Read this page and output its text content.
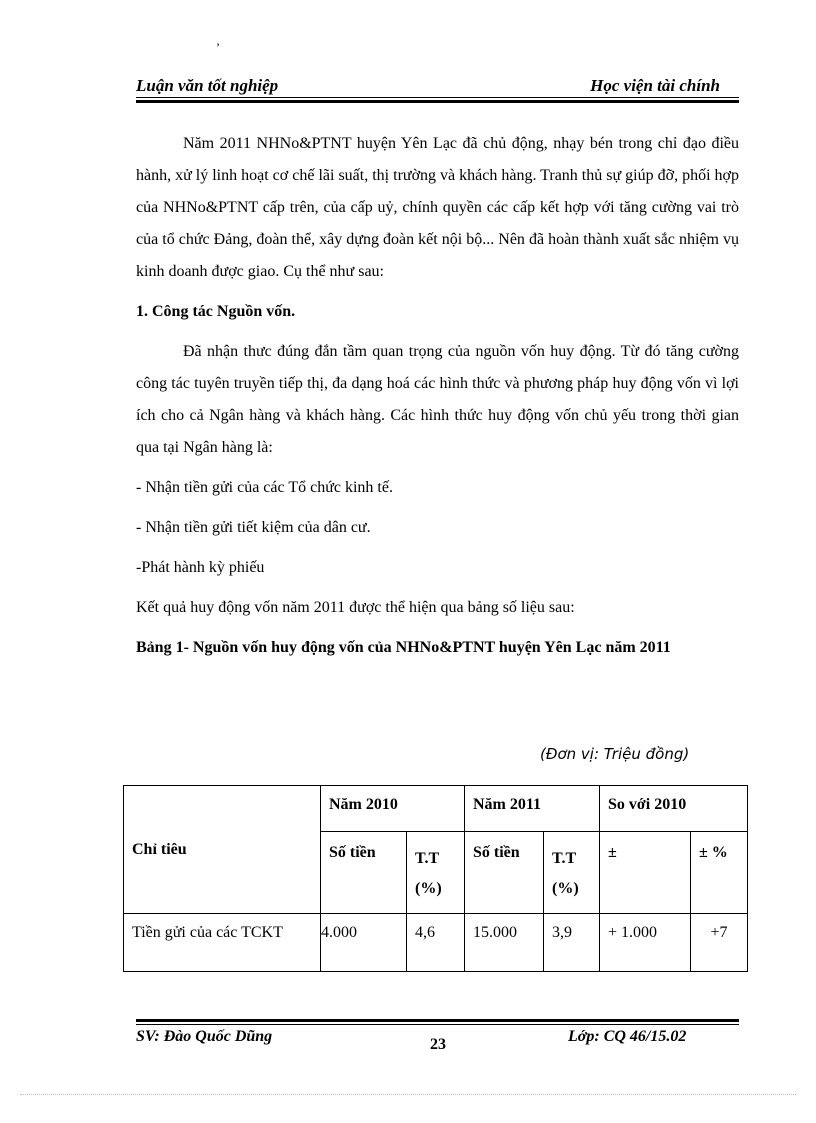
’
Luận văn tốt nghiệp	Học viện tài chính

Năm 2011 NHNo&PTNT huyện Yên Lạc đã chủ động, nhạy bén trong chỉ đạo điều hành, xử lý linh hoạt cơ chế lãi suất, thị trường và khách hàng. Tranh thủ sự giúp đỡ, phối hợp của NHNo&PTNT cấp trên, của cấp uỷ, chính quyền các cấp kết hợp với tăng cường vai trò của tổ chức Đảng, đoàn thể, xây dựng đoàn kết nội bộ... Nên đã hoàn thành xuất sắc nhiệm vụ kinh doanh được giao. Cụ thể như sau:

1. Công tác Nguồn vốn.

Đã nhận thưc đúng đắn tầm quan trọng của nguồn vốn huy động. Từ đó tăng cường công tác tuyên truyền tiếp thị, đa dạng hoá các hình thức và phương pháp huy động vốn vì lợi ích cho cả Ngân hàng và khách hàng. Các hình thức huy động vốn chủ yếu trong thời gian qua tại Ngân hàng là:

- Nhận tiền gửi của các Tổ chức kinh tế.

- Nhận tiền gửi tiết kiệm của dân cư.

-Phát hành kỳ phiếu

Kết quả huy động vốn năm 2011 được thể hiện qua bảng số liệu sau:

Bảng 1- Nguồn vốn huy động vốn của NHNo&PTNT huyện Yên Lạc năm 2011

(Đơn vị: Triệu đồng)
Chỉ tiêu	Năm 2010		Năm 2011		So với 2010	
	Số tiền	T.T (%)	Số tiền	T.T (%)	±	± %
Tiền gửi của các TCKT	4.000	4,6	15.000	3,9	+ 1.000	+7
SV: Đào Quốc Dũng	23	Lớp: CQ 46/15.02
